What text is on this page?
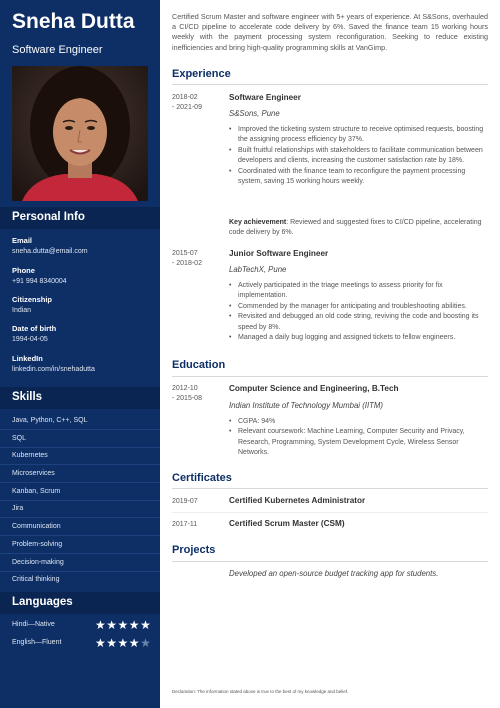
Sneha Dutta
Software Engineer
Personal Info
Email
sneha.dutta@email.com
Phone
+91 994 8340004
Citizenship
Indian
Date of birth
1994-04-05
LinkedIn
linkedin.com/in/snehadutta
Skills
Java, Python, C++, SQL
SQL
Kubernetes
Microservices
Kanban, Scrum
Jira
Communication
Problem-solving
Decision-making
Critical thinking
Languages
Hindi—Native	★★★★★
English—Fluent	★★★★★

Certified Scrum Master and software engineer with 5+ years of experience. At S&Sons, overhauled a CI/CD pipeline to accelerate code delivery by 6%. Saved the finance team 15 working hours weekly with the payment processing system reconfiguration. Seeking to reduce existing inefficiencies and bring high-quality programming skills at VanGimp.

Experience
2018-02
- 2021-09
Software Engineer
S&Sons, Pune
• Improved the ticketing system structure to receive optimised requests, boosting the assigning process efficiency by 37%.
• Built fruitful relationships with stakeholders to facilitate communication between developers and clients, increasing the customer satisfaction rate by 18%.
• Coordinated with the finance team to reconfigure the payment processing system, saving 15 working hours weekly.
Key achievement: Reviewed and suggested fixes to CI/CD pipeline, accelerating code delivery by 6%.
2015-07
- 2018-02
Junior Software Engineer
LabTechX, Pune
• Actively participated in the triage meetings to assess priority for fix implementation.
• Commended by the manager for anticipating and troubleshooting abilities.
• Revisited and debugged an old code string, reviving the code and boosting its speed by 8%.
• Managed a daily bug logging and assigned tickets to fellow engineers.
Education
2012-10
- 2015-08
Computer Science and Engineering, B.Tech
Indian Institute of Technology Mumbai (IITM)
• CGPA: 94%
• Relevant coursework: Machine Learning, Computer Security and Privacy, Research, Programming, System Development Cycle, Wireless Sensor Networks.
Certificates
2019-07	Certified Kubernetes Administrator
2017-11	Certified Scrum Master (CSM)
Projects
Developed an open-source budget tracking app for students.
Declaration: The information stated above is true to the best of my knowledge and belief.
